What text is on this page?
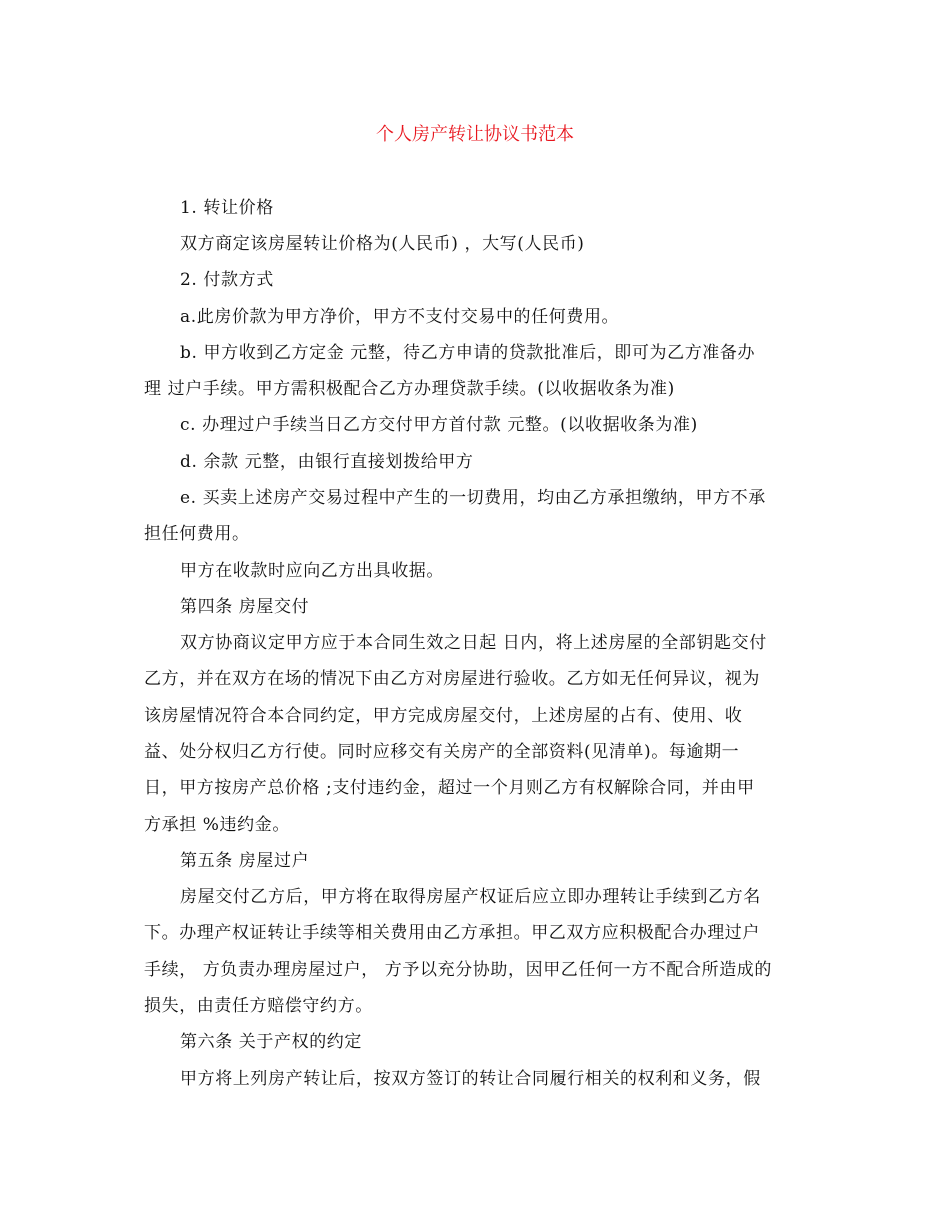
个人房产转让协议书范本
1. 转让价格
双方商定该房屋转让价格为(人民币) ，大写(人民币)
2. 付款方式
a.此房价款为甲方净价，甲方不支付交易中的任何费用。
b. 甲方收到乙方定金 元整，待乙方申请的贷款批准后，即可为乙方准备办
理 过户手续。甲方需积极配合乙方办理贷款手续。(以收据收条为准)
c. 办理过户手续当日乙方交付甲方首付款 元整。(以收据收条为准)
d. 余款 元整，由银行直接划拨给甲方
e. 买卖上述房产交易过程中产生的一切费用，均由乙方承担缴纳，甲方不承
担任何费用。
甲方在收款时应向乙方出具收据。
第四条 房屋交付
双方协商议定甲方应于本合同生效之日起 日内，将上述房屋的全部钥匙交付
乙方，并在双方在场的情况下由乙方对房屋进行验收。乙方如无任何异议，视为
该房屋情况符合本合同约定，甲方完成房屋交付，上述房屋的占有、使用、收
益、处分权归乙方行使。同时应移交有关房产的全部资料(见清单)。每逾期一
日，甲方按房产总价格 ;支付违约金，超过一个月则乙方有权解除合同，并由甲
方承担 %违约金。
第五条 房屋过户
房屋交付乙方后，甲方将在取得房屋产权证后应立即办理转让手续到乙方名
下。办理产权证转让手续等相关费用由乙方承担。甲乙双方应积极配合办理过户
手续， 方负责办理房屋过户， 方予以充分协助，因甲乙任何一方不配合所造成的
损失，由责任方赔偿守约方。
第六条 关于产权的约定
甲方将上列房产转让后，按双方签订的转让合同履行相关的权利和义务，假
